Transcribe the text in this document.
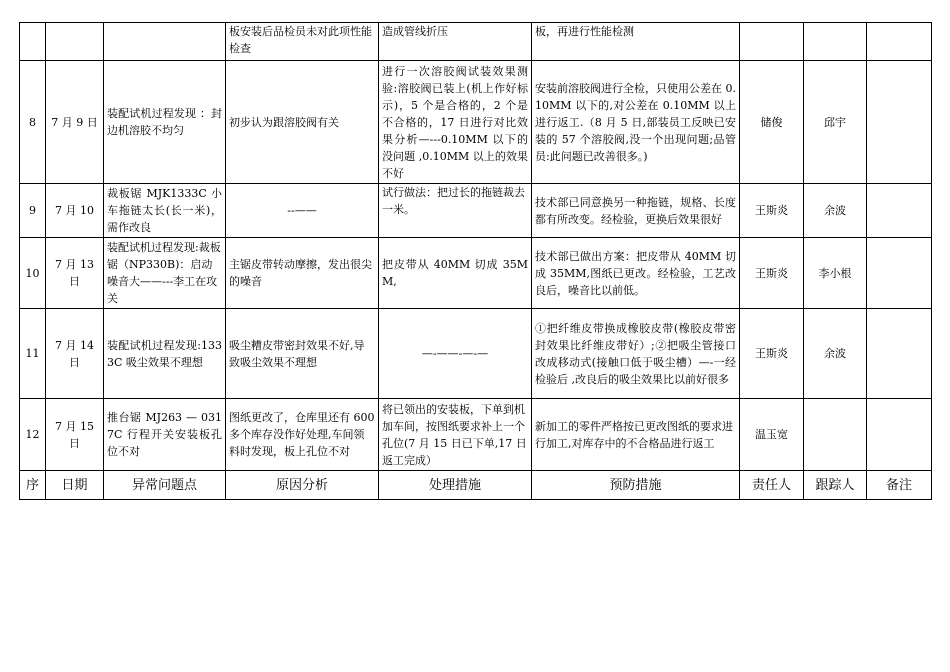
			板安装后品检员未对此项性能检查	造成管线折压	板，再进行性能检测			
8	7 月 9 日	装配试机过程发现 ：封边机溶胶不均匀	初步认为跟溶胶阀有关	进行一次溶胶阀试装效果测验:溶胶阀已装上(机上作好标示)，5 个是合格的，2 个是不合格的，17 日进行对比效果分析—---0.10MM 以下的没问题 ,0.10MM 以上的效果不好	安装前溶胶阀进行全检，只使用公差在 0.10MM 以下的,对公差在 0.10MM 以上进行返工.（8 月 5 日,部装员工反映已安装的 57 个溶胶阀,没一个出现问题;品管员:此问题已改善很多。)	储俊	邱宇	
9	7 月 10	裁板锯 MJK1333C 小车拖链太长(长一米)，需作改良	--——	试行做法：把过长的拖链裁去一米。	技术部已同意换另一种拖链，规格、长度都有所改变。经检验，更换后效果很好	王斯炎	余波	
10	7 月 13 日	装配试机过程发现:裁板锯（NP330B)：启动噪音大——---李工在攻关	主锯皮带转动摩擦，发出很尖的噪音	把皮带从 40MM 切成 35MM,	技术部已做出方案：把皮带从 40MM 切成 35MM,图纸已更改。经检验，工艺改良后，噪音比以前低。	王斯炎	李小根	
11	7 月 14 日	装配试机过程发现:1333C 吸尘效果不理想	吸尘糟皮带密封效果不好,导致吸尘效果不理想	—-——-—-—	①把纤维皮带换成橡胶皮带(橡胶皮带密封效果比纤维皮带好）;②把吸尘管接口改成移动式(接触口低于吸尘槽）—-一经检验后 ,改良后的吸尘效果比以前好很多	王斯炎	余波	
12	7 月 15 日	推台锯 MJ263 — 0317C 行程开关安装板孔位不对	图纸更改了，仓库里还有 600 多个库存没作好处理,车间领料时发现，板上孔位不对	将已领出的安装板，下单到机加车间，按图纸要求补上一个孔位(7 月 15 日已下单,17 日返工完成）	新加工的零件严格按已更改图纸的要求进行加工,对库存中的不合格品进行返工	温玉宽		
序	日期	异常问题点	原因分析	处理措施	预防措施	责任人	跟踪人	备注
